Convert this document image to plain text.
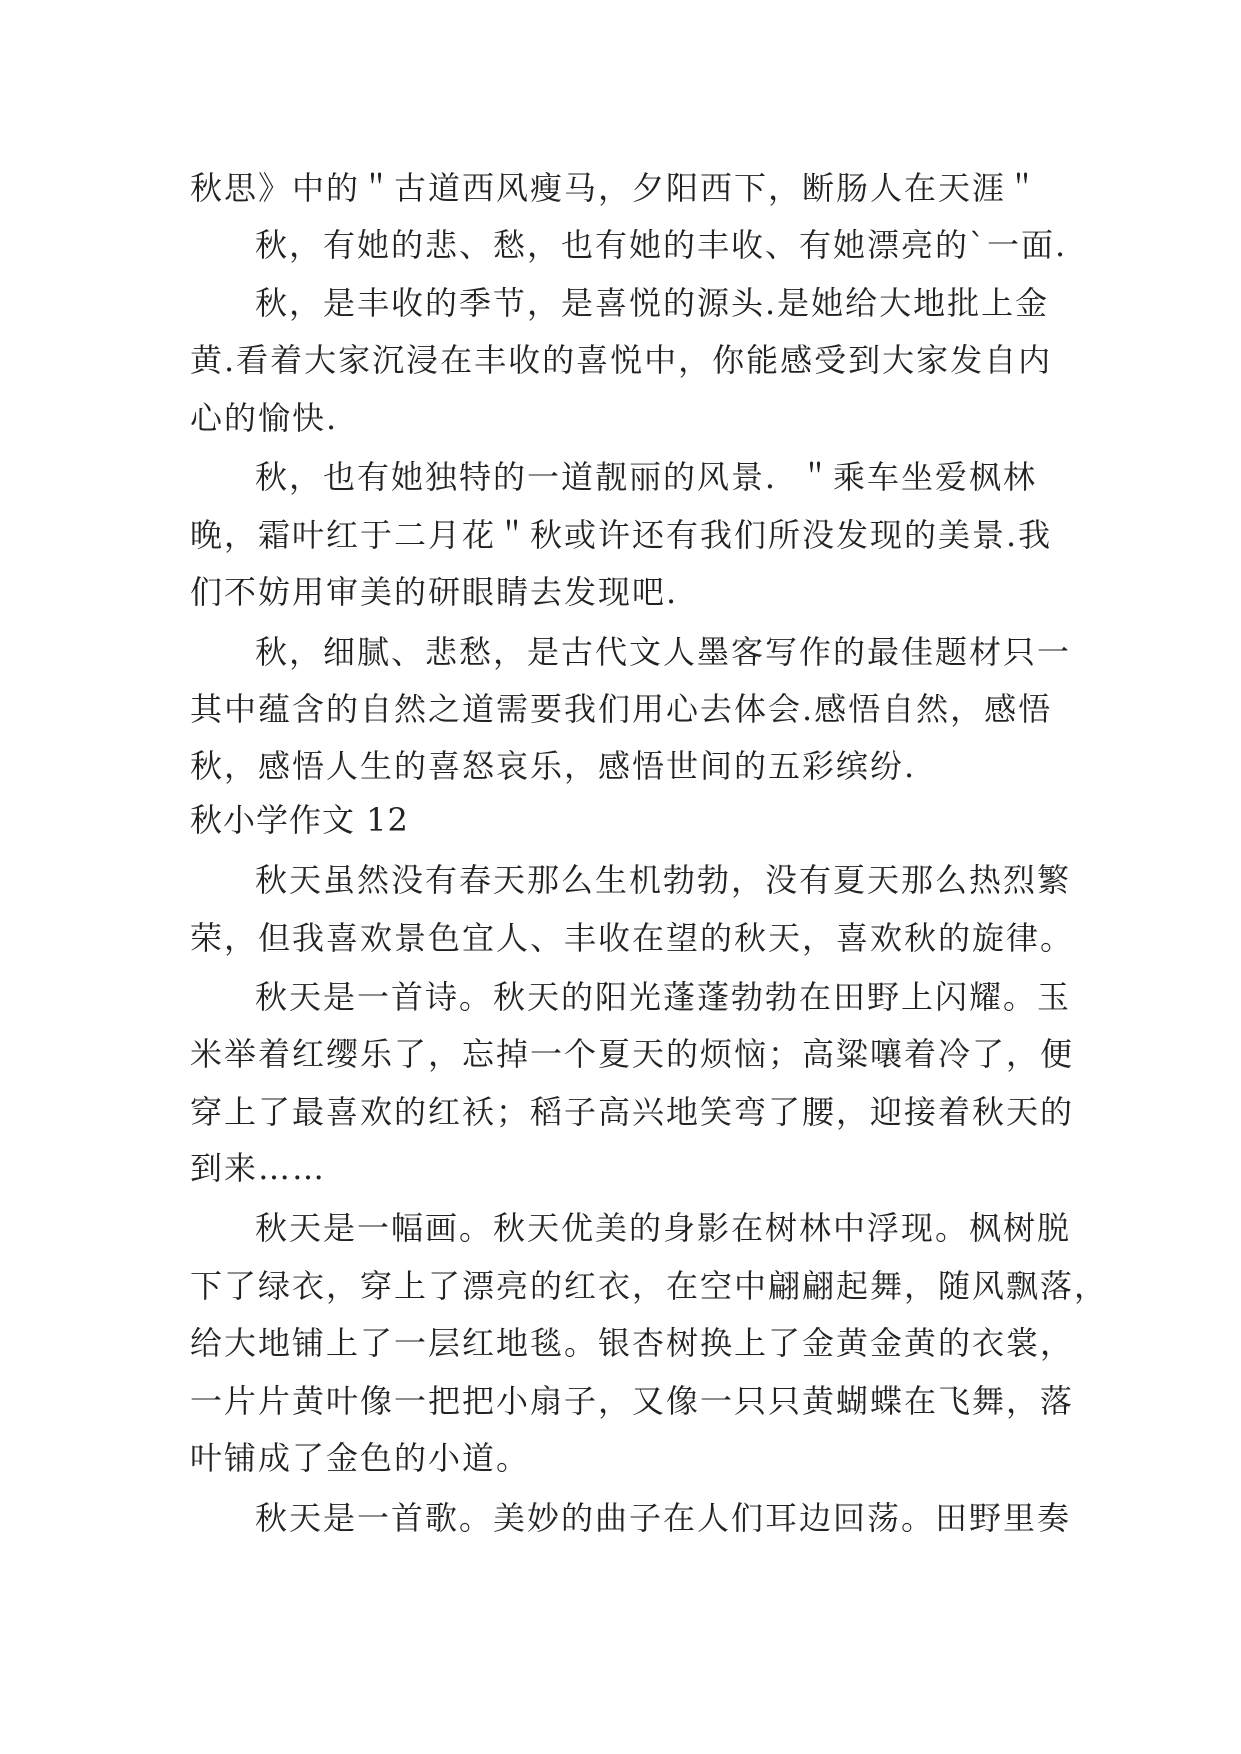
秋思》中的＂古道西风瘦马，夕阳西下，断肠人在天涯＂
秋，有她的悲、愁，也有她的丰收、有她漂亮的`一面.
秋，是丰收的季节，是喜悦的源头.是她给大地批上金
黄.看着大家沉浸在丰收的喜悦中，你能感受到大家发自内
心的愉快.
秋，也有她独特的一道靓丽的风景．＂乘车坐爱枫林
晚，霜叶红于二月花＂秋或许还有我们所没发现的美景.我
们不妨用审美的研眼睛去发现吧.
秋，细腻、悲愁，是古代文人墨客写作的最佳题材只一
其中蕴含的自然之道需要我们用心去体会.感悟自然，感悟
秋，感悟人生的喜怒哀乐，感悟世间的五彩缤纷.
秋小学作文 12
秋天虽然没有春天那么生机勃勃，没有夏天那么热烈繁
荣，但我喜欢景色宜人、丰收在望的秋天，喜欢秋的旋律。
秋天是一首诗。秋天的阳光蓬蓬勃勃在田野上闪耀。玉
米举着红缨乐了，忘掉一个夏天的烦恼；高粱嚷着冷了，便
穿上了最喜欢的红袄；稻子高兴地笑弯了腰，迎接着秋天的
到来……
秋天是一幅画。秋天优美的身影在树林中浮现。枫树脱
下了绿衣，穿上了漂亮的红衣，在空中翩翩起舞，随风飘落，
给大地铺上了一层红地毯。银杏树换上了金黄金黄的衣裳，
一片片黄叶像一把把小扇子，又像一只只黄蝴蝶在飞舞，落
叶铺成了金色的小道。
秋天是一首歌。美妙的曲子在人们耳边回荡。田野里奏
